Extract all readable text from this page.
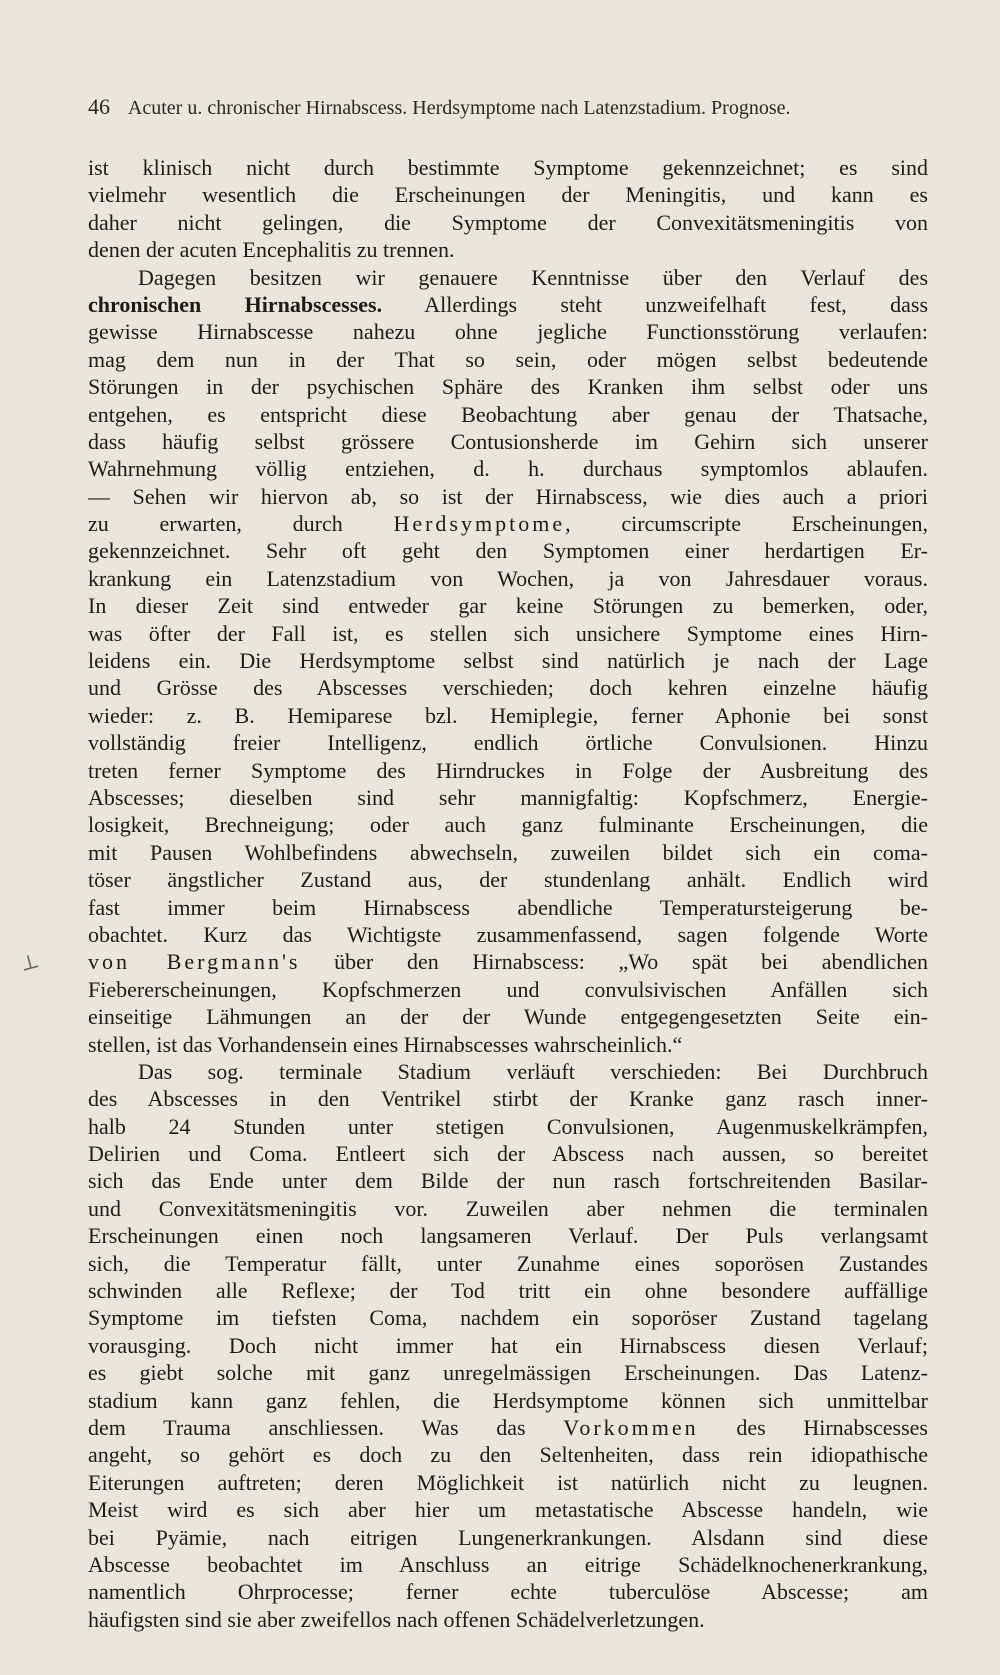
46 Acuter u. chronischer Hirnabscess. Herdsymptome nach Latenzstadium. Prognose.
⊥
ist klinisch nicht durch bestimmte Symptome gekennzeichnet; es sind
vielmehr wesentlich die Erscheinungen der Meningitis, und kann es
daher nicht gelingen, die Symptome der Convexitätsmeningitis von
denen der acuten Encephalitis zu trennen.
Dagegen besitzen wir genauere Kenntnisse über den Verlauf des
chronischen Hirnabscesses. Allerdings steht unzweifelhaft fest, dass
gewisse Hirnabscesse nahezu ohne jegliche Functionsstörung verlaufen:
mag dem nun in der That so sein, oder mögen selbst bedeutende
Störungen in der psychischen Sphäre des Kranken ihm selbst oder uns
entgehen, es entspricht diese Beobachtung aber genau der Thatsache,
dass häufig selbst grössere Contusionsherde im Gehirn sich unserer
Wahrnehmung völlig entziehen, d. h. durchaus symptomlos ablaufen.
— Sehen wir hiervon ab, so ist der Hirnabscess, wie dies auch a priori
zu erwarten, durch Herdsymptome, circumscripte Erscheinungen,
gekennzeichnet. Sehr oft geht den Symptomen einer herdartigen Er-
krankung ein Latenzstadium von Wochen, ja von Jahresdauer voraus.
In dieser Zeit sind entweder gar keine Störungen zu bemerken, oder,
was öfter der Fall ist, es stellen sich unsichere Symptome eines Hirn-
leidens ein. Die Herdsymptome selbst sind natürlich je nach der Lage
und Grösse des Abscesses verschieden; doch kehren einzelne häufig
wieder: z. B. Hemiparese bzl. Hemiplegie, ferner Aphonie bei sonst
vollständig freier Intelligenz, endlich örtliche Convulsionen. Hinzu
treten ferner Symptome des Hirndruckes in Folge der Ausbreitung des
Abscesses; dieselben sind sehr mannigfaltig: Kopfschmerz, Energie-
losigkeit, Brechneigung; oder auch ganz fulminante Erscheinungen, die
mit Pausen Wohlbefindens abwechseln, zuweilen bildet sich ein coma-
töser ängstlicher Zustand aus, der stundenlang anhält. Endlich wird
fast immer beim Hirnabscess abendliche Temperatursteigerung be-
obachtet. Kurz das Wichtigste zusammenfassend, sagen folgende Worte
von Bergmann's über den Hirnabscess: „Wo spät bei abendlichen
Fiebererscheinungen, Kopfschmerzen und convulsivischen Anfällen sich
einseitige Lähmungen an der der Wunde entgegengesetzten Seite ein-
stellen, ist das Vorhandensein eines Hirnabscesses wahrscheinlich.“
Das sog. terminale Stadium verläuft verschieden: Bei Durchbruch
des Abscesses in den Ventrikel stirbt der Kranke ganz rasch inner-
halb 24 Stunden unter stetigen Convulsionen, Augenmuskelkrämpfen,
Delirien und Coma. Entleert sich der Abscess nach aussen, so bereitet
sich das Ende unter dem Bilde der nun rasch fortschreitenden Basilar-
und Convexitätsmeningitis vor. Zuweilen aber nehmen die terminalen
Erscheinungen einen noch langsameren Verlauf. Der Puls verlangsamt
sich, die Temperatur fällt, unter Zunahme eines soporösen Zustandes
schwinden alle Reflexe; der Tod tritt ein ohne besondere auffällige
Symptome im tiefsten Coma, nachdem ein soporöser Zustand tagelang
vorausging. Doch nicht immer hat ein Hirnabscess diesen Verlauf;
es giebt solche mit ganz unregelmässigen Erscheinungen. Das Latenz-
stadium kann ganz fehlen, die Herdsymptome können sich unmittelbar
dem Trauma anschliessen. Was das Vorkommen des Hirnabscesses
angeht, so gehört es doch zu den Seltenheiten, dass rein idiopathische
Eiterungen auftreten; deren Möglichkeit ist natürlich nicht zu leugnen.
Meist wird es sich aber hier um metastatische Abscesse handeln, wie
bei Pyämie, nach eitrigen Lungenerkrankungen. Alsdann sind diese
Abscesse beobachtet im Anschluss an eitrige Schädelknochenerkrankung,
namentlich Ohrprocesse; ferner echte tuberculöse Abscesse; am
häufigsten sind sie aber zweifellos nach offenen Schädelverletzungen.
